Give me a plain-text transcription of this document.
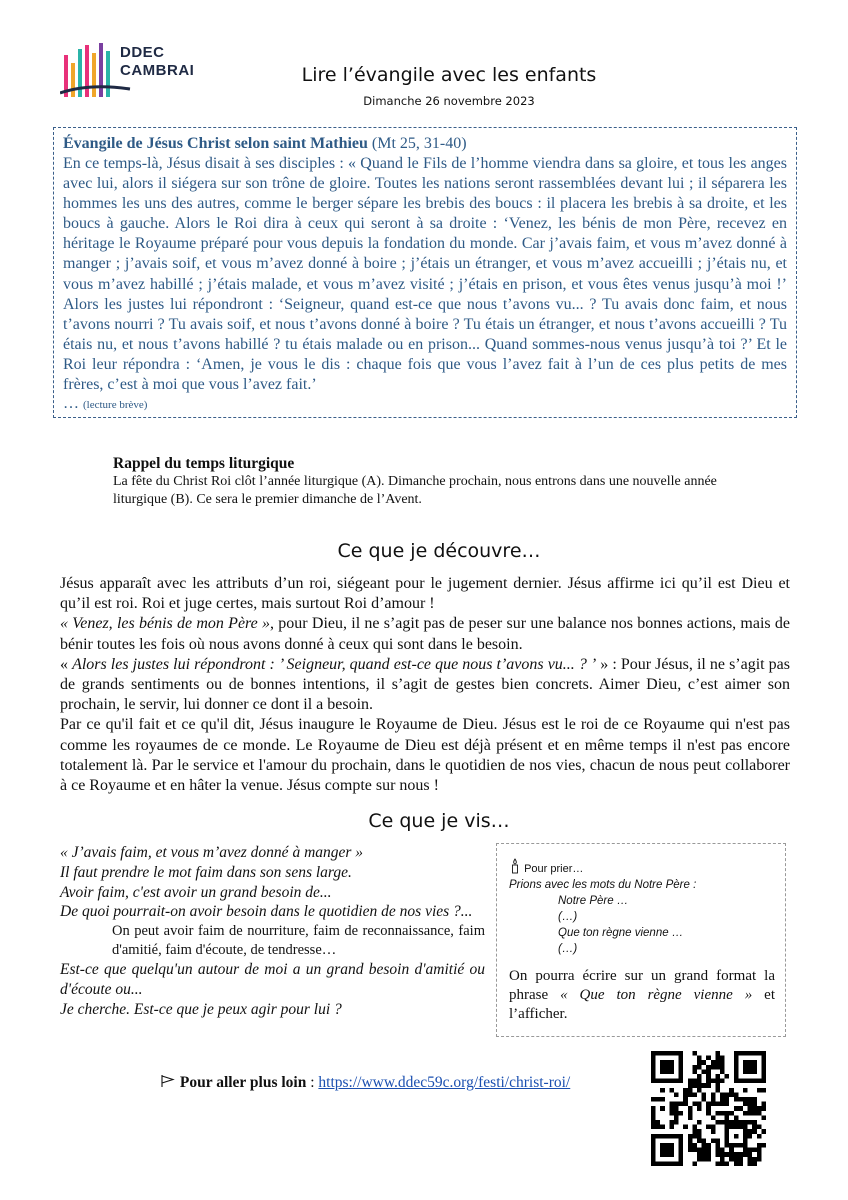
DDEC
CAMBRAI	Lire l’évangile avec les enfants
Dimanche 26 novembre 2023
Évangile de Jésus Christ selon saint Mathieu (Mt 25, 31-40)
En ce temps-là, Jésus disait à ses disciples : « Quand le Fils de l’homme viendra dans sa gloire, et tous les anges avec lui, alors il siégera sur son trône de gloire. Toutes les nations seront rassemblées devant lui ; il séparera les hommes les uns des autres, comme le berger sépare les brebis des boucs : il placera les brebis à sa droite, et les boucs à gauche. Alors le Roi dira à ceux qui seront à sa droite : ‘Venez, les bénis de mon Père, recevez en héritage le Royaume préparé pour vous depuis la fondation du monde. Car j’avais faim, et vous m’avez donné à manger ; j’avais soif, et vous m’avez donné à boire ; j’étais un étranger, et vous m’avez accueilli ; j’étais nu, et vous m’avez habillé ; j’étais malade, et vous m’avez visité ; j’étais en prison, et vous êtes venus jusqu’à moi !’ Alors les justes lui répondront : ‘Seigneur, quand est-ce que nous t’avons vu... ? Tu avais donc faim, et nous t’avons nourri ? Tu avais soif, et nous t’avons donné à boire ? Tu étais un étranger, et nous t’avons accueilli ? Tu étais nu, et nous t’avons habillé ? tu étais malade ou en prison... Quand sommes-nous venus jusqu’à toi ?’ Et le Roi leur répondra : ‘Amen, je vous le dis : chaque fois que vous l’avez fait à l’un de ces plus petits de mes frères, c’est à moi que vous l’avez fait.’
… (lecture brève)
Rappel du temps liturgique
La fête du Christ Roi clôt l’année liturgique (A). Dimanche prochain, nous entrons dans une nouvelle année liturgique (B). Ce sera le premier dimanche de l’Avent.
Ce que je découvre…

Jésus apparaît avec les attributs d’un roi, siégeant pour le jugement dernier. Jésus affirme ici qu’il est Dieu et qu’il est roi. Roi et juge certes, mais surtout Roi d’amour !

« Venez, les bénis de mon Père », pour Dieu, il ne s’agit pas de peser sur une balance nos bonnes actions, mais de bénir toutes les fois où nous avons donné à ceux qui sont dans le besoin.

« Alors les justes lui répondront : ’ Seigneur, quand est-ce que nous t’avons vu... ? ’ » : Pour Jésus, il ne s’agit pas de grands sentiments ou de bonnes intentions, il s’agit de gestes bien concrets. Aimer Dieu, c’est aimer son prochain, le servir, lui donner ce dont il a besoin.

Par ce qu'il fait et ce qu'il dit, Jésus inaugure le Royaume de Dieu. Jésus est le roi de ce Royaume qui n'est pas comme les royaumes de ce monde. Le Royaume de Dieu est déjà présent et en même temps il n'est pas encore totalement là. Par le service et l'amour du prochain, dans le quotidien de nos vies, chacun de nous peut collaborer à ce Royaume et en hâter la venue. Jésus compte sur nous !

Ce que je vis…

« J’avais faim, et vous m’avez donné à manger »

Il faut prendre le mot faim dans son sens large.

Avoir faim, c'est avoir un grand besoin de...

De quoi pourrait-on avoir besoin dans le quotidien de nos vies ?...

On peut avoir faim de nourriture, faim de reconnaissance, faim d'amitié, faim d'écoute, de tendresse…

Est-ce que quelqu'un autour de moi a un grand besoin d'amitié ou d'écoute ou...

Je cherche. Est-ce que je peux agir pour lui ?

Pour prier…
Prions avec les mots du Notre Père :
Notre Père …
(…)
Que ton règne vienne …
(…)
On pourra écrire sur un grand format la phrase « Que ton règne vienne » et l’afficher.
Pour aller plus loin : https://www.ddec59c.org/festi/christ-roi/
